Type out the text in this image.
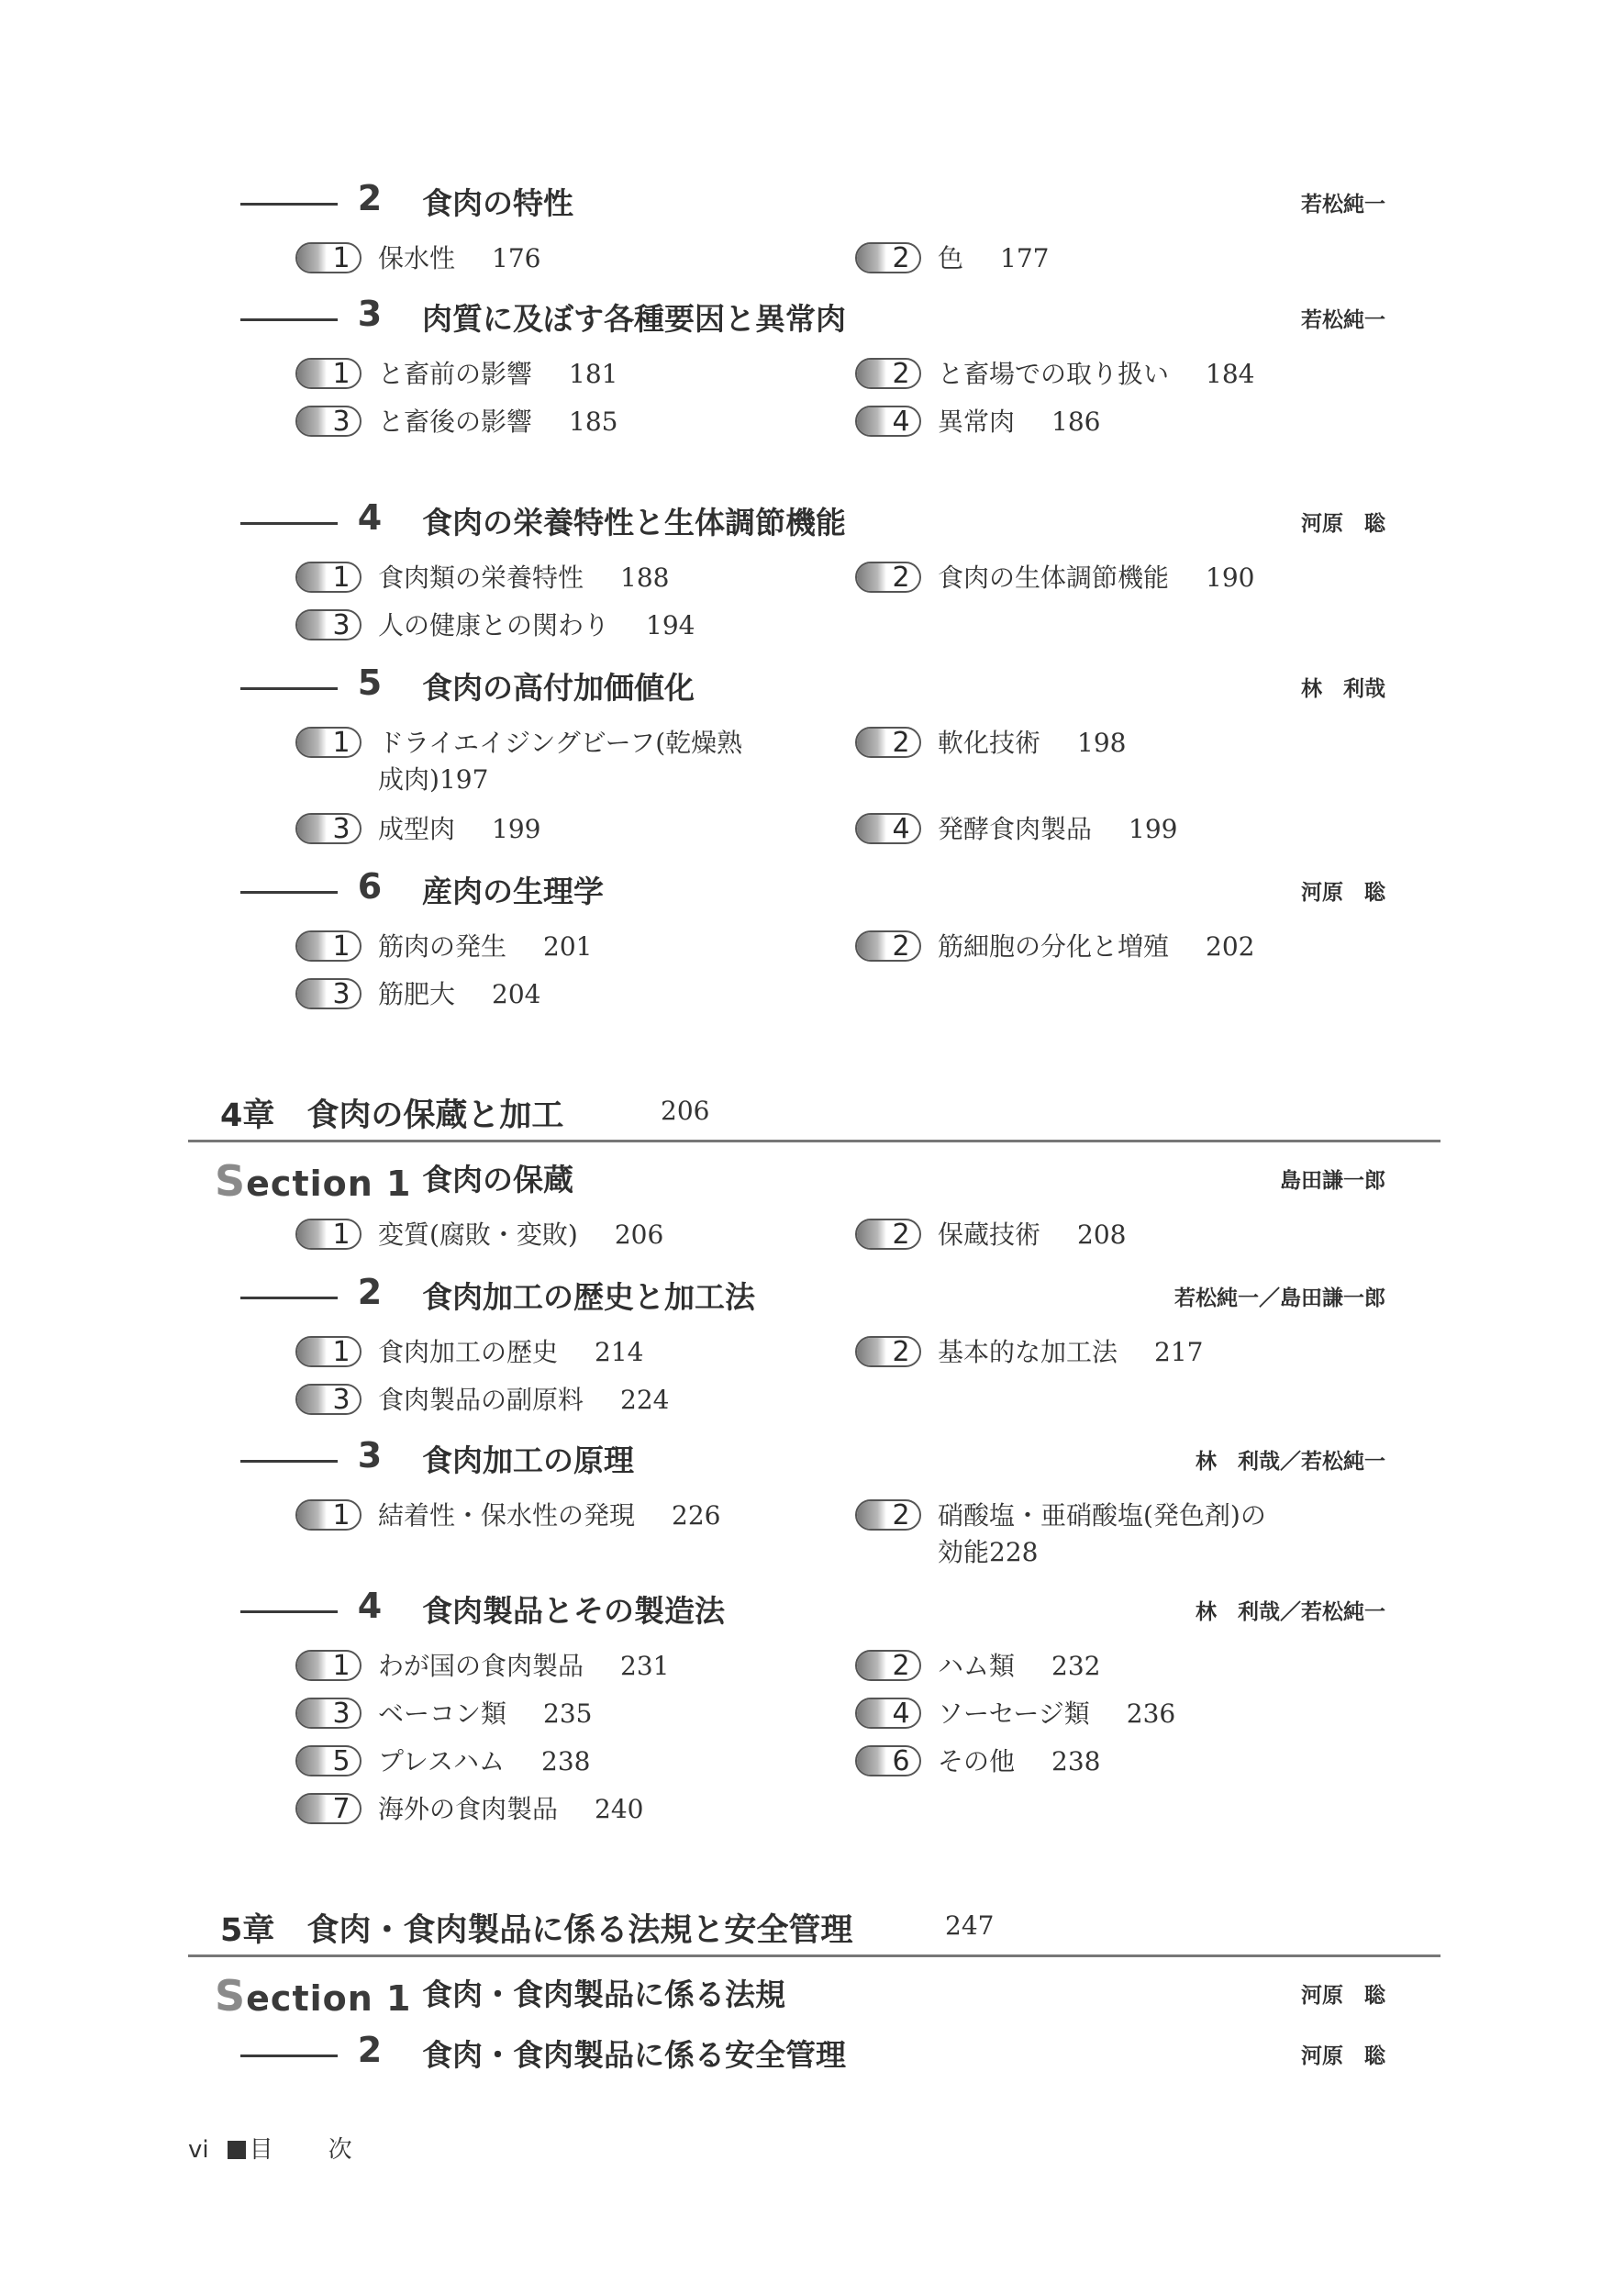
2 食肉の特性	若松純一
1 保水性 176	2 色 177
3 肉質に及ぼす各種要因と異常肉	若松純一
1 と畜前の影響 181	2 と畜場での取り扱い 184
3 と畜後の影響 185	4 異常肉 186
4 食肉の栄養特性と生体調節機能	河原　聡
1 食肉類の栄養特性 188	2 食肉の生体調節機能 190
3 人の健康との関わり 194
5 食肉の高付加価値化	林　利哉
1 ドライエイジングビーフ(乾燥熟
成肉)197
2 軟化技術 198
3 成型肉 199	4 発酵食肉製品 199
6 産肉の生理学	河原　聡
1 筋肉の発生 201	2 筋細胞の分化と増殖 202
3 筋肥大 204
4章　食肉の保蔵と加工	206
Section 1 食肉の保蔵	島田謙一郎
1 変質(腐敗・変敗) 206	2 保蔵技術 208
2 食肉加工の歴史と加工法	若松純一／島田謙一郎
1 食肉加工の歴史 214	2 基本的な加工法 217
3 食肉製品の副原料 224
3 食肉加工の原理	林　利哉／若松純一
1 結着性・保水性の発現 226	2 硝酸塩・亜硝酸塩(発色剤)の
効能228
4 食肉製品とその製造法	林　利哉／若松純一
1 わが国の食肉製品 231	2 ハム類 232
3 ベーコン類 235	4 ソーセージ類 236
5 プレスハム 238	6 その他 238
7 海外の食肉製品 240
5章　食肉・食肉製品に係る法規と安全管理	247
Section 1 食肉・食肉製品に係る法規	河原　聡
2 食肉・食肉製品に係る安全管理	河原　聡
vi 目 次
